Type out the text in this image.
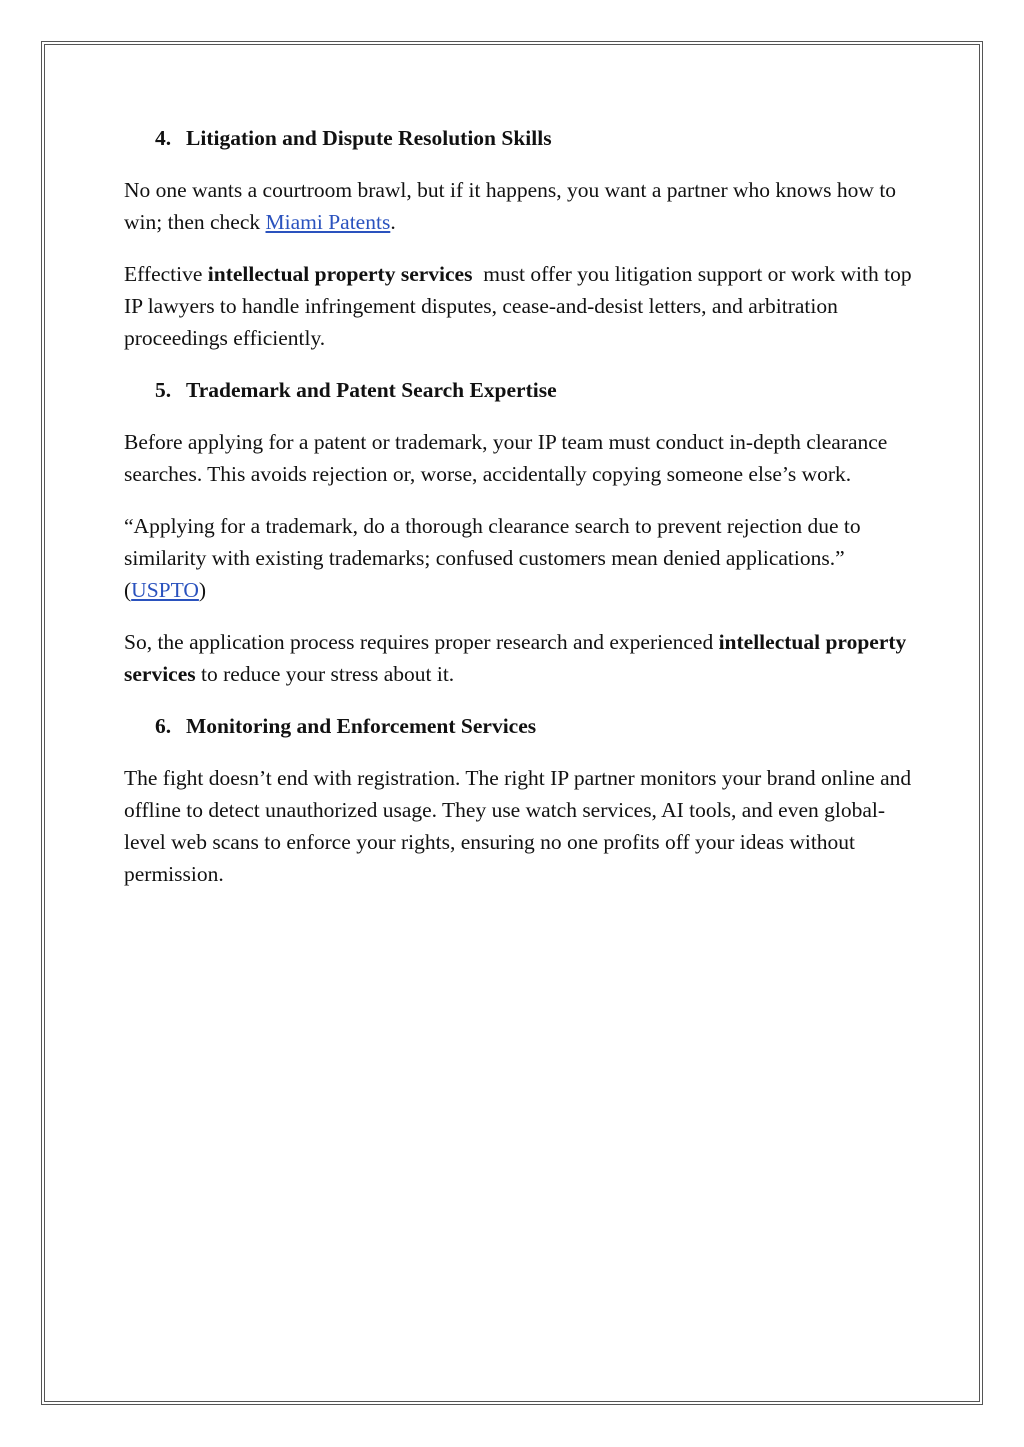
4. Litigation and Dispute Resolution Skills

No one wants a courtroom brawl, but if it happens, you want a partner who knows how to win; then check Miami Patents.

Effective intellectual property services  must offer you litigation support or work with top IP lawyers to handle infringement disputes, cease-and-desist letters, and arbitration proceedings efficiently.

5. Trademark and Patent Search Expertise

Before applying for a patent or trademark, your IP team must conduct in-depth clearance searches. This avoids rejection or, worse, accidentally copying someone else’s work.

“Applying for a trademark, do a thorough clearance search to prevent rejection due to similarity with existing trademarks; confused customers mean denied applications.” (USPTO)

So, the application process requires proper research and experienced intellectual property services to reduce your stress about it.

6. Monitoring and Enforcement Services

The fight doesn’t end with registration. The right IP partner monitors your brand online and offline to detect unauthorized usage. They use watch services, AI tools, and even global-level web scans to enforce your rights, ensuring no one profits off your ideas without permission.
